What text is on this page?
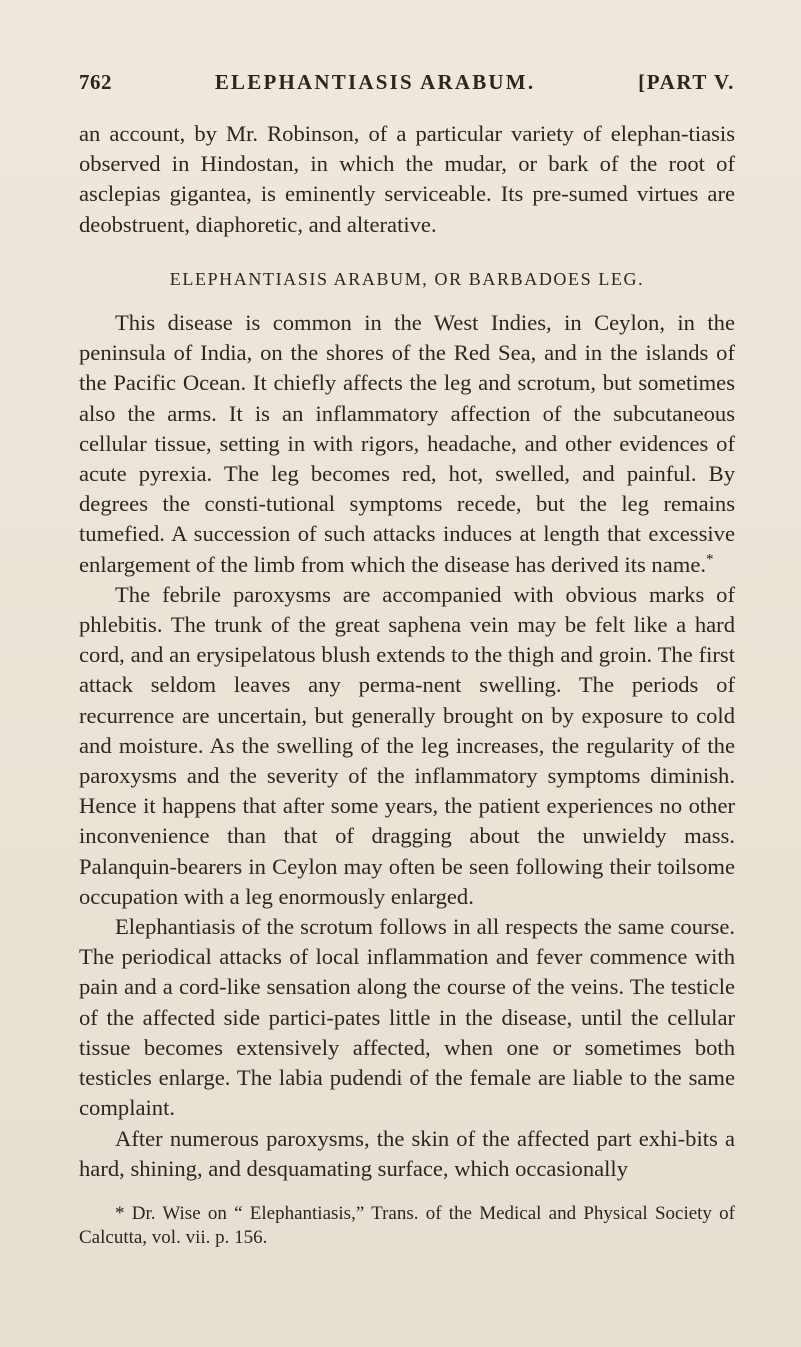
762	ELEPHANTIASIS ARABUM.	[PART V.

an account, by Mr. Robinson, of a particular variety of elephan-tiasis observed in Hindostan, in which the mudar, or bark of the root of asclepias gigantea, is eminently serviceable. Its pre-sumed virtues are deobstruent, diaphoretic, and alterative.

ELEPHANTIASIS ARABUM, OR BARBADOES LEG.

This disease is common in the West Indies, in Ceylon, in the peninsula of India, on the shores of the Red Sea, and in the islands of the Pacific Ocean. It chiefly affects the leg and scrotum, but sometimes also the arms. It is an inflammatory affection of the subcutaneous cellular tissue, setting in with rigors, headache, and other evidences of acute pyrexia. The leg becomes red, hot, swelled, and painful. By degrees the consti-tutional symptoms recede, but the leg remains tumefied. A succession of such attacks induces at length that excessive enlargement of the limb from which the disease has derived its name.*

The febrile paroxysms are accompanied with obvious marks of phlebitis. The trunk of the great saphena vein may be felt like a hard cord, and an erysipelatous blush extends to the thigh and groin. The first attack seldom leaves any perma-nent swelling. The periods of recurrence are uncertain, but generally brought on by exposure to cold and moisture. As the swelling of the leg increases, the regularity of the paroxysms and the severity of the inflammatory symptoms diminish. Hence it happens that after some years, the patient experiences no other inconvenience than that of dragging about the unwieldy mass. Palanquin-bearers in Ceylon may often be seen following their toilsome occupation with a leg enormously enlarged.

Elephantiasis of the scrotum follows in all respects the same course. The periodical attacks of local inflammation and fever commence with pain and a cord-like sensation along the course of the veins. The testicle of the affected side partici-pates little in the disease, until the cellular tissue becomes extensively affected, when one or sometimes both testicles enlarge. The labia pudendi of the female are liable to the same complaint.

After numerous paroxysms, the skin of the affected part exhi-bits a hard, shining, and desquamating surface, which occasionally

* Dr. Wise on “ Elephantiasis,” Trans. of the Medical and Physical Society of Calcutta, vol. vii. p. 156.
